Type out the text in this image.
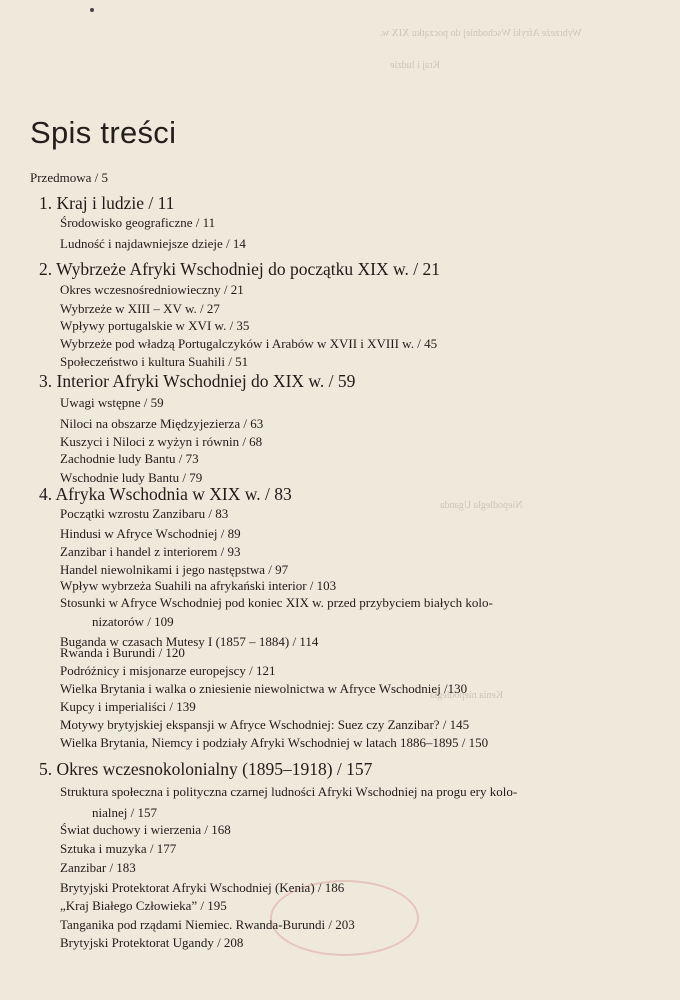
Wybrzeże Afryki Wschodniej do początku XIX w.
Kraj i ludzie
Niepodległa Uganda
Kenia niepodległa
Spis treści
Przedmowa / 5
1. Kraj i ludzie / 11
Środowisko geograficzne / 11
Ludność i najdawniejsze dzieje / 14
2. Wybrzeże Afryki Wschodniej do początku XIX w. / 21
Okres wczesnośredniowieczny / 21
Wybrzeże w XIII – XV w. / 27
Wpływy portugalskie w XVI w. / 35
Wybrzeże pod władzą Portugalczyków i Arabów w XVII i XVIII w. / 45
Społeczeństwo i kultura Suahili / 51
3. Interior Afryki Wschodniej do XIX w. / 59
Uwagi wstępne / 59
Niloci na obszarze Międzyjezierza / 63
Kuszyci i Niloci z wyżyn i równin / 68
Zachodnie ludy Bantu / 73
Wschodnie ludy Bantu / 79
4. Afryka Wschodnia w XIX w. / 83
Początki wzrostu Zanzibaru / 83
Hindusi w Afryce Wschodniej / 89
Zanzibar i handel z interiorem / 93
Handel niewolnikami i jego następstwa / 97
Wpływ wybrzeża Suahili na afrykański interior / 103
Stosunki w Afryce Wschodniej pod koniec XIX w. przed przybyciem białych kolo-
nizatorów / 109
Buganda w czasach Mutesy I (1857 – 1884) / 114
Rwanda i Burundi / 120
Podróżnicy i misjonarze europejscy / 121
Wielka Brytania i walka o zniesienie niewolnictwa w Afryce Wschodniej /130
Kupcy i imperialiści / 139
Motywy brytyjskiej ekspansji w Afryce Wschodniej: Suez czy Zanzibar? / 145
Wielka Brytania, Niemcy i podziały Afryki Wschodniej w latach 1886–1895 / 150
5. Okres wczesnokolonialny (1895–1918) / 157
Struktura społeczna i polityczna czarnej ludności Afryki Wschodniej na progu ery kolo-
nialnej / 157
Świat duchowy i wierzenia / 168
Sztuka i muzyka / 177
Zanzibar / 183
Brytyjski Protektorat Afryki Wschodniej (Kenia) / 186
„Kraj Białego Człowieka” / 195
Tanganika pod rządami Niemiec. Rwanda-Burundi / 203
Brytyjski Protektorat Ugandy / 208
